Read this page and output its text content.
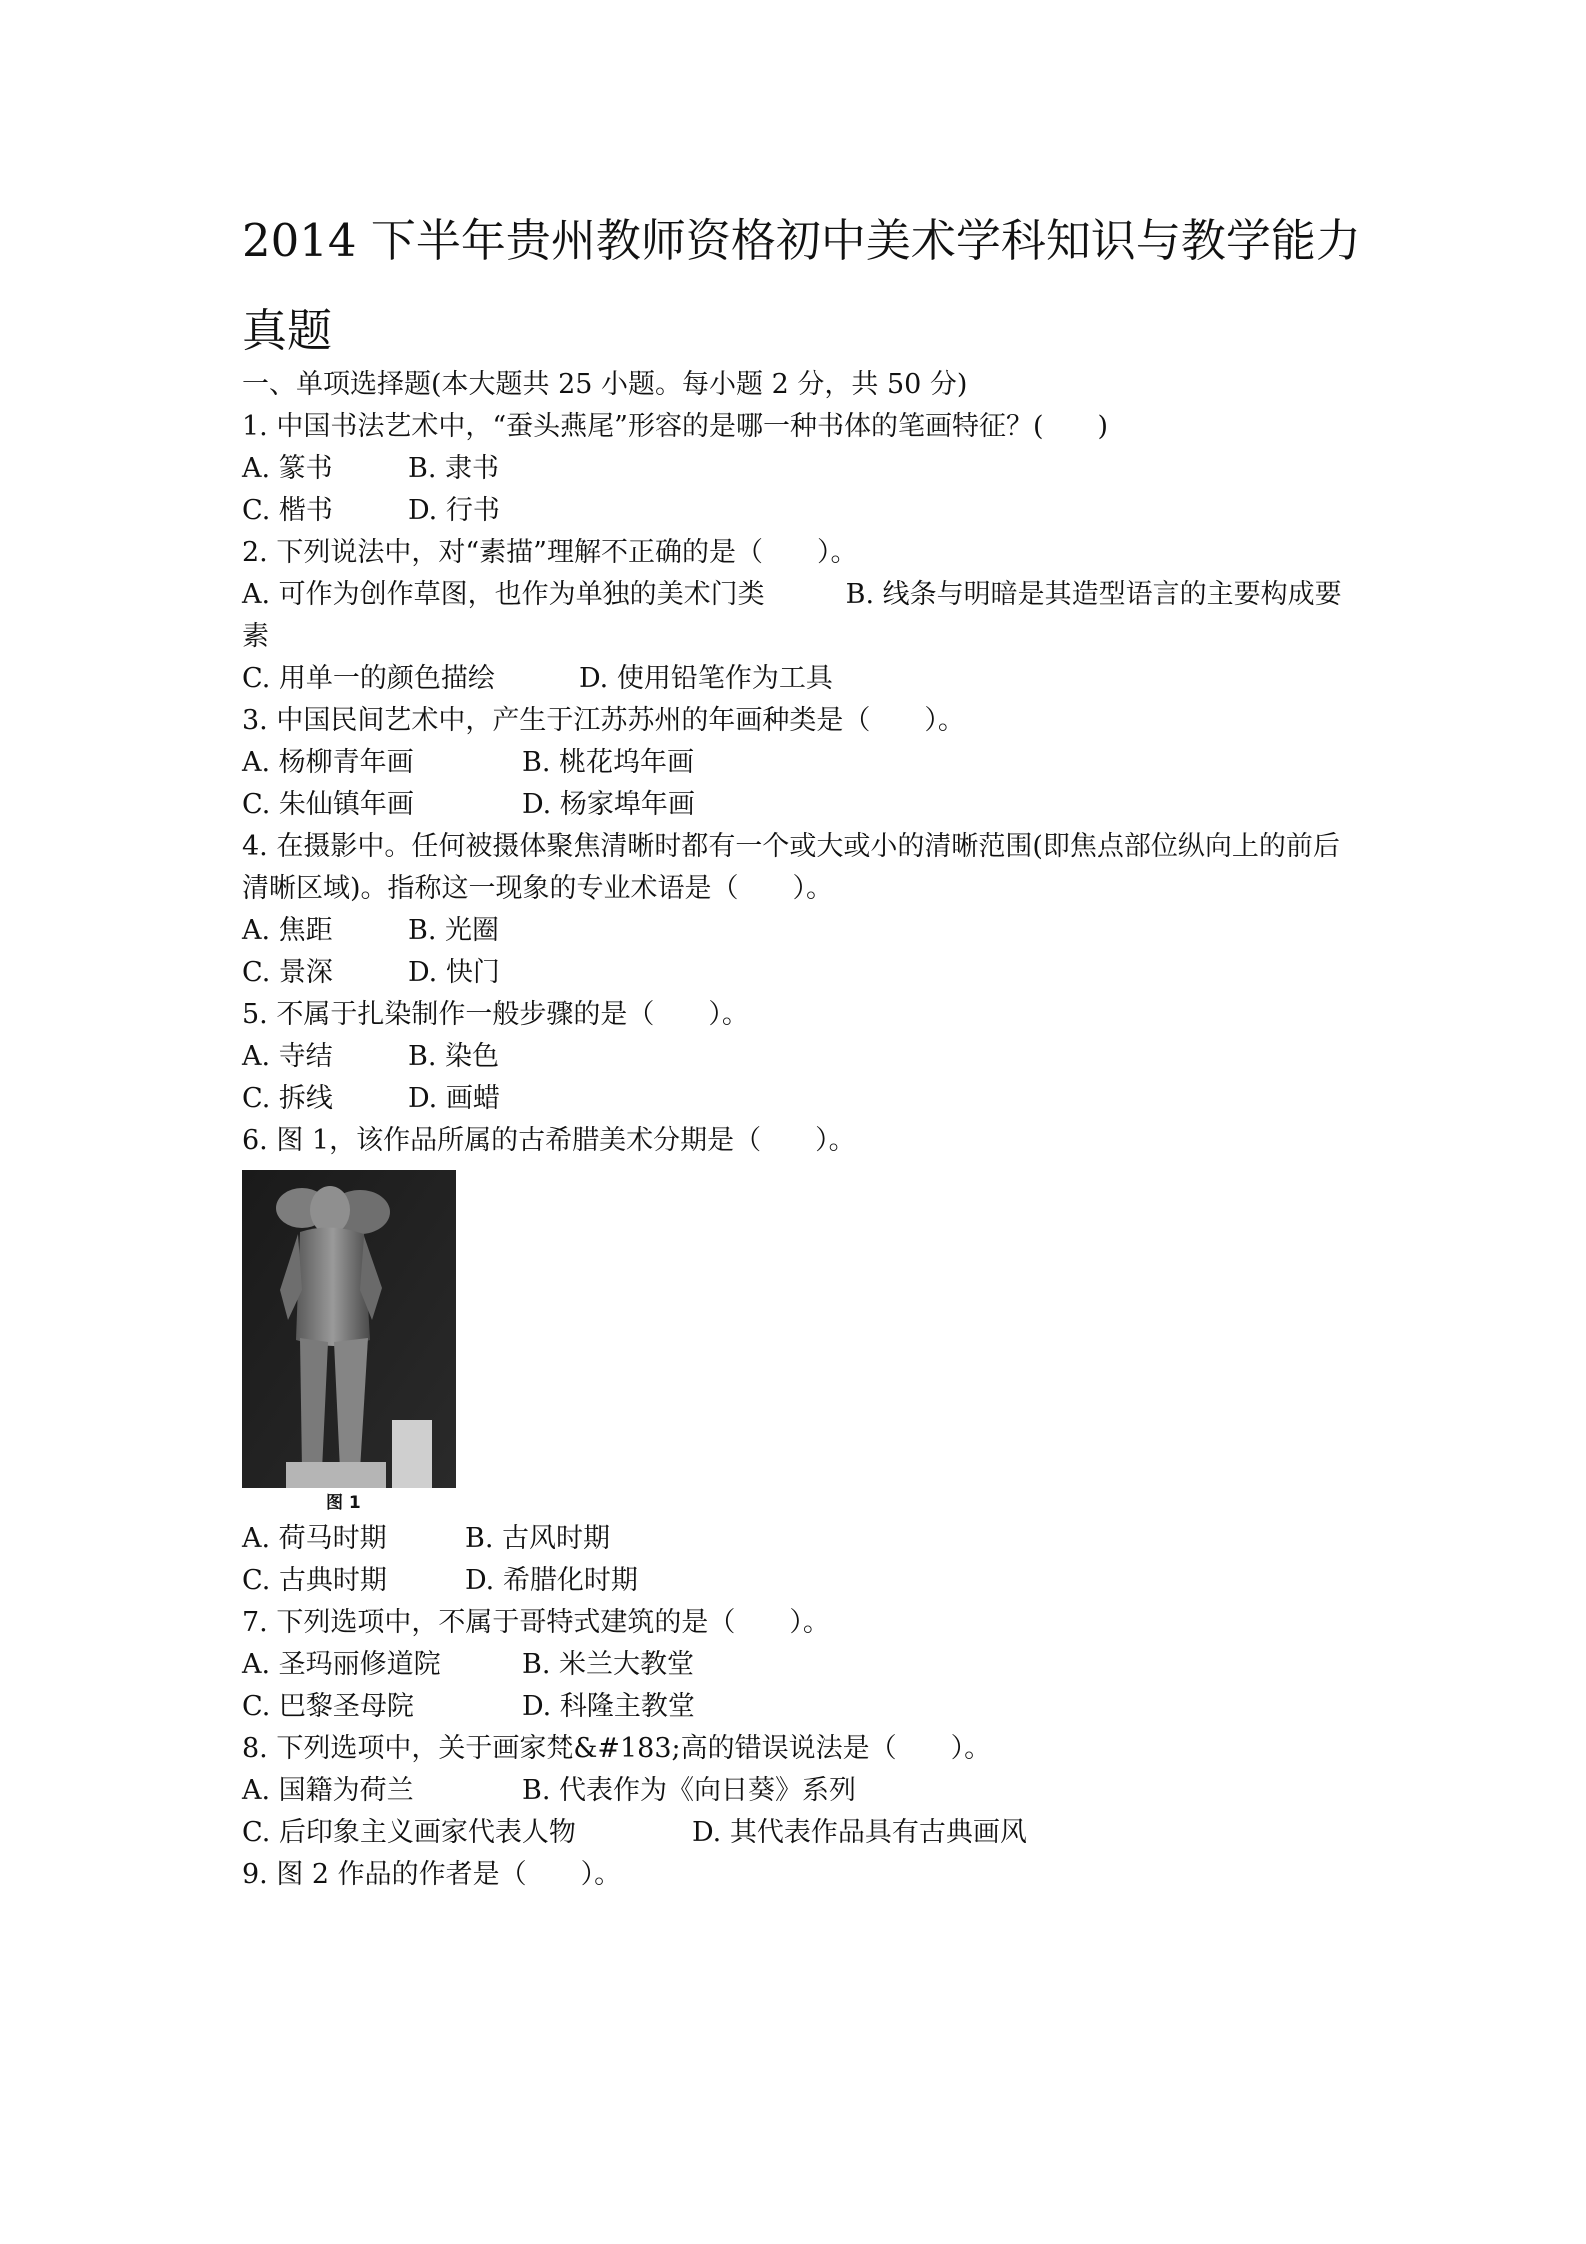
2014 下半年贵州教师资格初中美术学科知识与教学能力真题
一、单项选择题(本大题共 25 小题。每小题 2 分，共 50 分)
1. 中国书法艺术中，“蚕头燕尾”形容的是哪一种书体的笔画特征？(　　)
A. 篆书	B. 隶书
C. 楷书	D. 行书
2. 下列说法中，对“素描”理解不正确的是（　　）。
A. 可作为创作草图，也作为单独的美术门类　　　B. 线条与明暗是其造型语言的主要构成要素
C. 用单一的颜色描绘	D. 使用铅笔作为工具
3. 中国民间艺术中，产生于江苏苏州的年画种类是（　　）。
A. 杨柳青年画	B. 桃花坞年画
C. 朱仙镇年画	D. 杨家埠年画
4. 在摄影中。任何被摄体聚焦清晰时都有一个或大或小的清晰范围(即焦点部位纵向上的前后清晰区域)。指称这一现象的专业术语是（　　）。
A. 焦距	B. 光圈
C. 景深	D. 快门
5. 不属于扎染制作一般步骤的是（　　）。
A. 寺结	B. 染色
C. 拆线	D. 画蜡
6. 图 1，该作品所属的古希腊美术分期是（　　）。
图 1
A. 荷马时期	B. 古风时期
C. 古典时期	D. 希腊化时期
7. 下列选项中，不属于哥特式建筑的是（　　）。
A. 圣玛丽修道院	B. 米兰大教堂
C. 巴黎圣母院	D. 科隆主教堂
8. 下列选项中，关于画家梵&#183;高的错误说法是（　　）。
A. 国籍为荷兰	B. 代表作为《向日葵》系列
C. 后印象主义画家代表人物	D. 其代表作品具有古典画风
9. 图 2 作品的作者是（　　）。
